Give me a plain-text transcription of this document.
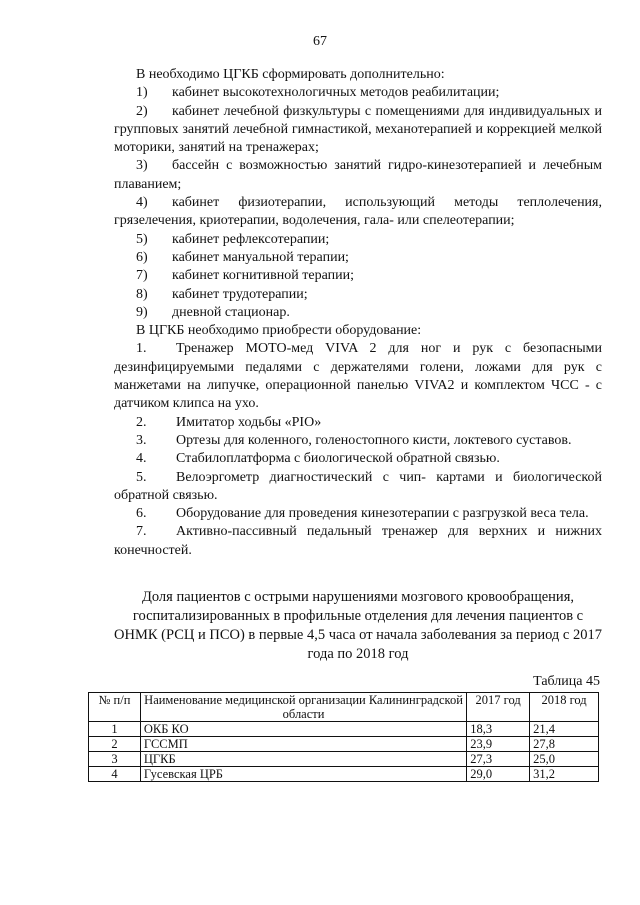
67

В необходимо ЦГКБ сформировать дополнительно:

1) кабинет высокотехнологичных методов реабилитации;

2) кабинет лечебной физкультуры с помещениями для индивидуальных и групповых занятий лечебной гимнастикой, механотерапией и коррекцией мелкой моторики, занятий на тренажерах;

3) бассейн с возможностью занятий гидро-кинезотерапией и лечебным плаванием;

4) кабинет физиотерапии, использующий методы теплолечения, грязелечения, криотерапии, водолечения, гала- или спелеотерапии;

5) кабинет рефлексотерапии;

6) кабинет мануальной терапии;

7) кабинет когнитивной терапии;

8) кабинет трудотерапии;

9) дневной стационар.

В ЦГКБ необходимо приобрести оборудование:

1. Тренажер МОТО-мед VIVA 2 для ног и рук с безопасными дезинфицируемыми педалями с держателями голени, ложами для рук с манжетами на липучке, операционной панелью VIVA2 и комплектом ЧСС - с датчиком клипса на ухо.

2. Имитатор ходьбы «PIO»

3. Ортезы для коленного, голеностопного кисти, локтевого суставов.

4. Стабилоплатформа с биологической обратной связью.

5. Велоэргометр диагностический с чип- картами и биологической обратной связью.

6. Оборудование для проведения кинезотерапии с разгрузкой веса тела.

7. Активно-пассивный педальный тренажер для верхних и нижних конечностей.

Доля пациентов с острыми нарушениями мозгового кровообращения, госпитализированных в профильные отделения для лечения пациентов с ОНМК (РСЦ и ПСО) в первые 4,5 часа от начала заболевания за период с 2017 года по 2018 год
Таблица 45
№ п/п	Наименование медицинской организации Калининградской области	2017 год	2018 год
1	ОКБ КО	18,3	21,4
2	ГССМП	23,9	27,8
3	ЦГКБ	27,3	25,0
4	Гусевская ЦРБ	29,0	31,2
